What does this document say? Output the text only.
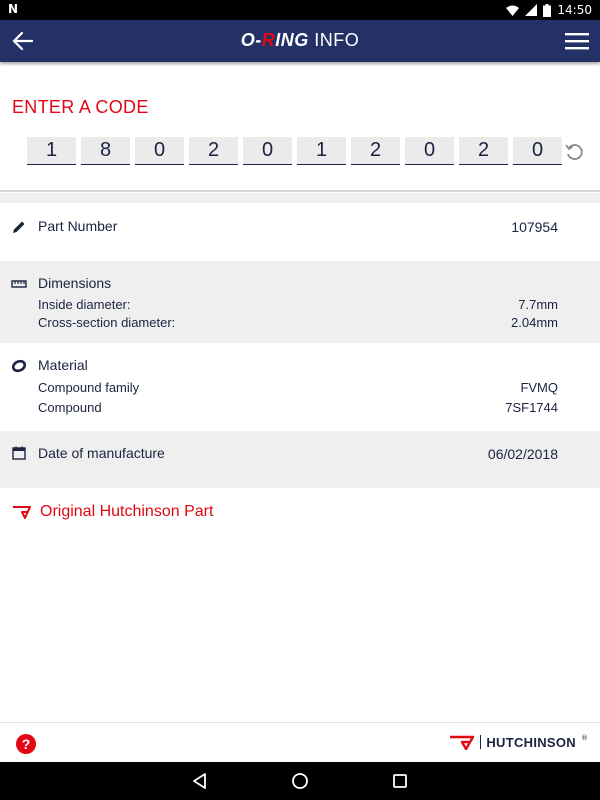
N	14:50
O-RING INFO
ENTER A CODE
1	8	0	2	0	1	2	0	2	0
Part Number	107954
Dimensions
Inside diameter:	7.7mm
Cross-section diameter:	2.04mm
Material
Compound family	FVMQ
Compound	7SF1744
Date of manufacture	06/02/2018
Original Hutchinson Part
?	HUTCHINSON ®
